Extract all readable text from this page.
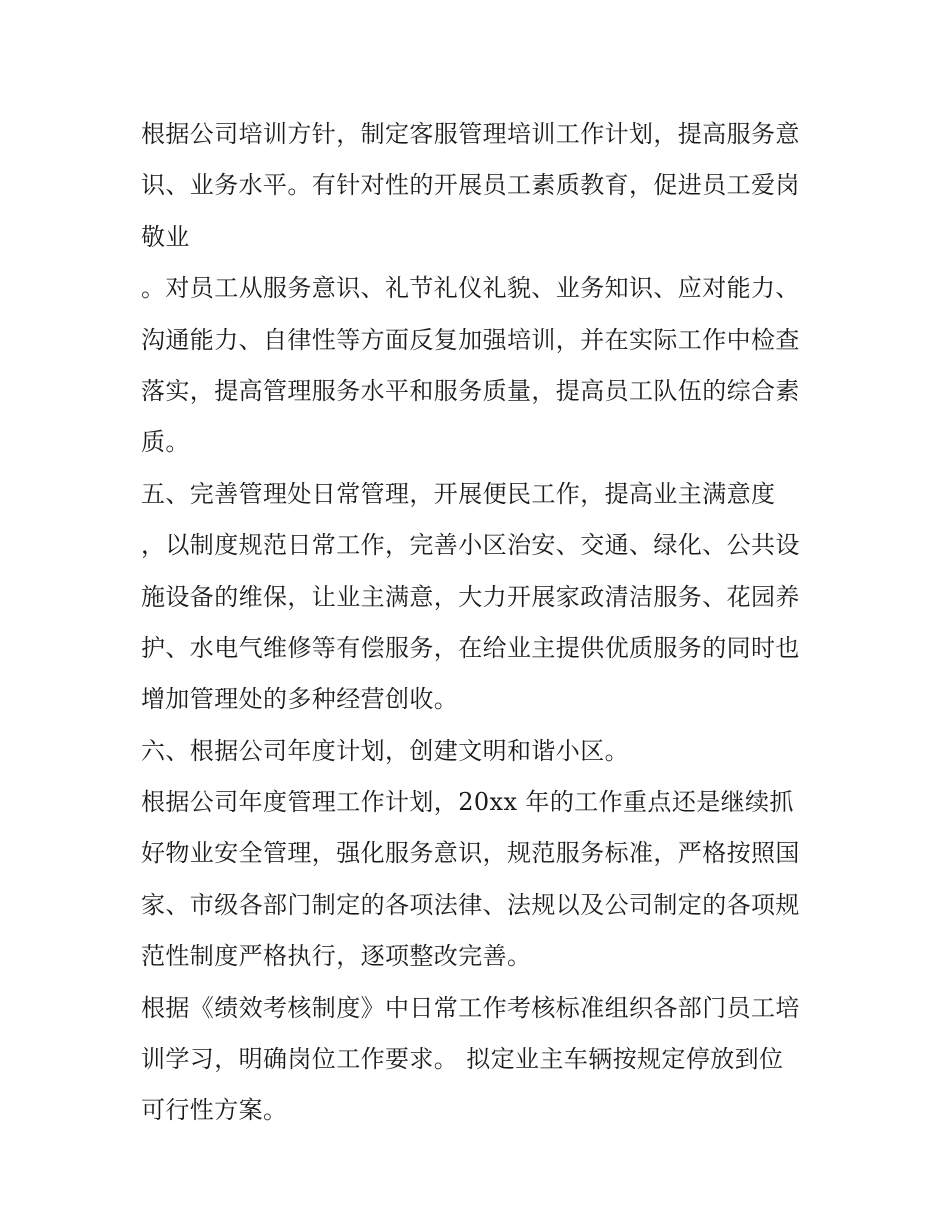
根据公司培训方针，制定客服管理培训工作计划，提高服务意
识、业务水平。有针对性的开展员工素质教育，促进员工爱岗
敬业
。对员工从服务意识、礼节礼仪礼貌、业务知识、应对能力、
沟通能力、自律性等方面反复加强培训，并在实际工作中检查
落实，提高管理服务水平和服务质量，提高员工队伍的综合素
质。
五、完善管理处日常管理，开展便民工作，提高业主满意度
，以制度规范日常工作，完善小区治安、交通、绿化、公共设
施设备的维保，让业主满意，大力开展家政清洁服务、花园养
护、水电气维修等有偿服务，在给业主提供优质服务的同时也
增加管理处的多种经营创收。
六、根据公司年度计划，创建文明和谐小区。
根据公司年度管理工作计划，20xx 年的工作重点还是继续抓
好物业安全管理，强化服务意识，规范服务标准，严格按照国
家、市级各部门制定的各项法律、法规以及公司制定的各项规
范性制度严格执行，逐项整改完善。
根据《绩效考核制度》中日常工作考核标准组织各部门员工培
训学习，明确岗位工作要求。 拟定业主车辆按规定停放到位
可行性方案。
